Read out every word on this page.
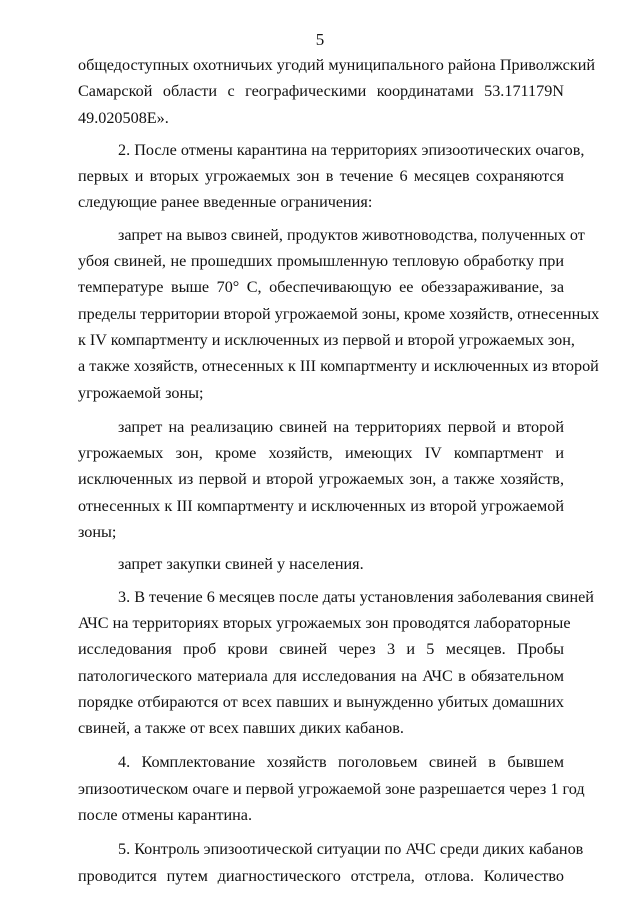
5
общедоступных охотничьих угодий муниципального района Приволжский
Самарской области с географическими координатами 53.171179N
49.020508E».
2. После отмены карантина на территориях эпизоотических очагов,
первых и вторых угрожаемых зон в течение 6 месяцев сохраняются
следующие ранее введенные ограничения:
запрет на вывоз свиней, продуктов животноводства, полученных от
убоя свиней, не прошедших промышленную тепловую обработку при
температуре выше 70° С, обеспечивающую ее обеззараживание, за
пределы территории второй угрожаемой зоны, кроме хозяйств, отнесенных
к IV компартменту и исключенных из первой и второй угрожаемых зон,
а также хозяйств, отнесенных к III компартменту и исключенных из второй
угрожаемой зоны;
запрет на реализацию свиней на территориях первой и второй
угрожаемых зон, кроме хозяйств, имеющих IV компартмент и
исключенных из первой и второй угрожаемых зон, а также хозяйств,
отнесенных к III компартменту и исключенных из второй угрожаемой
зоны;
запрет закупки свиней у населения.
3. В течение 6 месяцев после даты установления заболевания свиней
АЧС на территориях вторых угрожаемых зон проводятся лабораторные
исследования проб крови свиней через 3 и 5 месяцев. Пробы
патологического материала для исследования на АЧС в обязательном
порядке отбираются от всех павших и вынужденно убитых домашних
свиней, а также от всех павших диких кабанов.
4. Комплектование хозяйств поголовьем свиней в бывшем
эпизоотическом очаге и первой угрожаемой зоне разрешается через 1 год
после отмены карантина.
5. Контроль эпизоотической ситуации по АЧС среди диких кабанов
проводится путем диагностического отстрела, отлова. Количество
